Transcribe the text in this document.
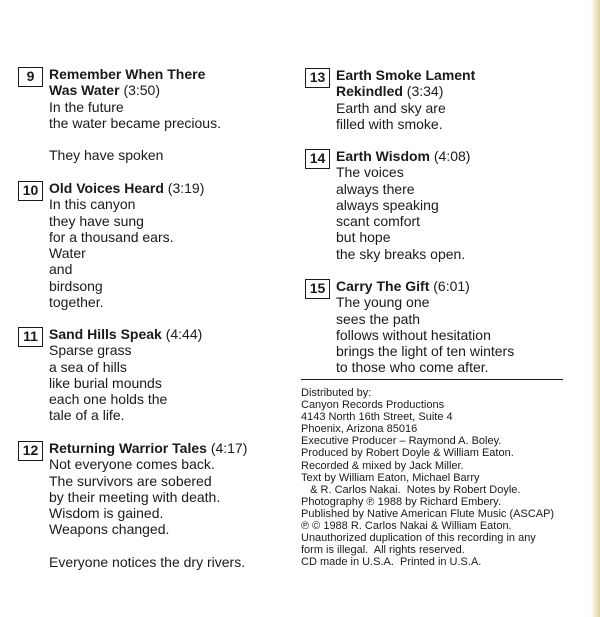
9	Remember When There
Was Water (3:50)
In the future
the water became precious.
They have spoken
10 Old Voices Heard (3:19)
In this canyon
they have sung
for a thousand ears.
Water
and
birdsong
together.
11 Sand Hills Speak (4:44)
Sparse grass
a sea of hills
like burial mounds
each one holds the
tale of a life.
12 Returning Warrior Tales (4:17)
Not everyone comes back.
The survivors are sobered
by their meeting with death.
Wisdom is gained.
Weapons changed.
Everyone notices the dry rivers.
13 Earth Smoke Lament
Rekindled (3:34)
Earth and sky are
filled with smoke.
14 Earth Wisdom (4:08)
The voices
always there
always speaking
scant comfort
but hope
the sky breaks open.
15 Carry The Gift (6:01)
The young one
sees the path
follows without hesitation
brings the light of ten winters
to those who come after.
Distributed by:
Canyon Records Productions
4143 North 16th Street, Suite 4
Phoenix, Arizona 85016
Executive Producer – Raymond A. Boley.
Produced by Robert Doyle & William Eaton.
Recorded & mixed by Jack Miller.
Text by William Eaton, Michael Barry
& R. Carlos Nakai.  Notes by Robert Doyle.
Photography ℗ 1988 by Richard Embery.
Published by Native American Flute Music (ASCAP)
℗ © 1988 R. Carlos Nakai & William Eaton.
Unauthorized duplication of this recording in any
form is illegal.  All rights reserved.
CD made in U.S.A.  Printed in U.S.A.
